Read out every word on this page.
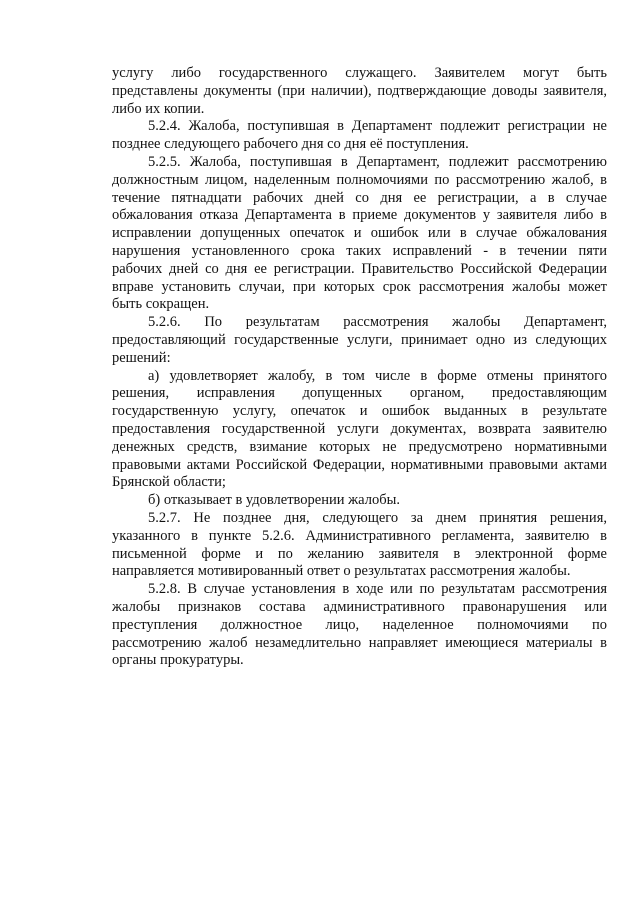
услугу либо государственного служащего. Заявителем могут быть
представлены документы (при наличии), подтверждающие доводы заявителя,
либо их копии.

5.2.4. Жалоба, поступившая в Департамент подлежит регистрации не
позднее следующего рабочего дня со дня её поступления.

5.2.5. Жалоба, поступившая в Департамент, подлежит рассмотрению
должностным лицом, наделенным полномочиями по рассмотрению жалоб, в
течение пятнадцати рабочих дней со дня ее регистрации, а в случае
обжалования отказа Департамента в приеме документов у заявителя либо в
исправлении допущенных опечаток и ошибок или в случае обжалования
нарушения установленного срока таких исправлений - в течении пяти
рабочих дней со дня ее регистрации. Правительство Российской Федерации
вправе установить случаи, при которых срок рассмотрения жалобы может
быть сокращен.

5.2.6. По результатам рассмотрения жалобы Департамент,
предоставляющий государственные услуги, принимает одно из следующих
решений:

а) удовлетворяет жалобу, в том числе в форме отмены принятого
решения, исправления допущенных органом, предоставляющим
государственную услугу, опечаток и ошибок выданных в результате
предоставления государственной услуги документах, возврата заявителю
денежных средств, взимание которых не предусмотрено нормативными
правовыми актами Российской Федерации, нормативными правовыми актами
Брянской области;

б) отказывает в удовлетворении жалобы.

5.2.7. Не позднее дня, следующего за днем принятия решения,
указанного в пункте 5.2.6. Административного регламента, заявителю в
письменной форме и по желанию заявителя в электронной форме
направляется мотивированный ответ о результатах рассмотрения жалобы.

5.2.8. В случае установления в ходе или по результатам рассмотрения
жалобы признаков состава административного правонарушения или
преступления должностное лицо, наделенное полномочиями по
рассмотрению жалоб незамедлительно направляет имеющиеся материалы в
органы прокуратуры.
